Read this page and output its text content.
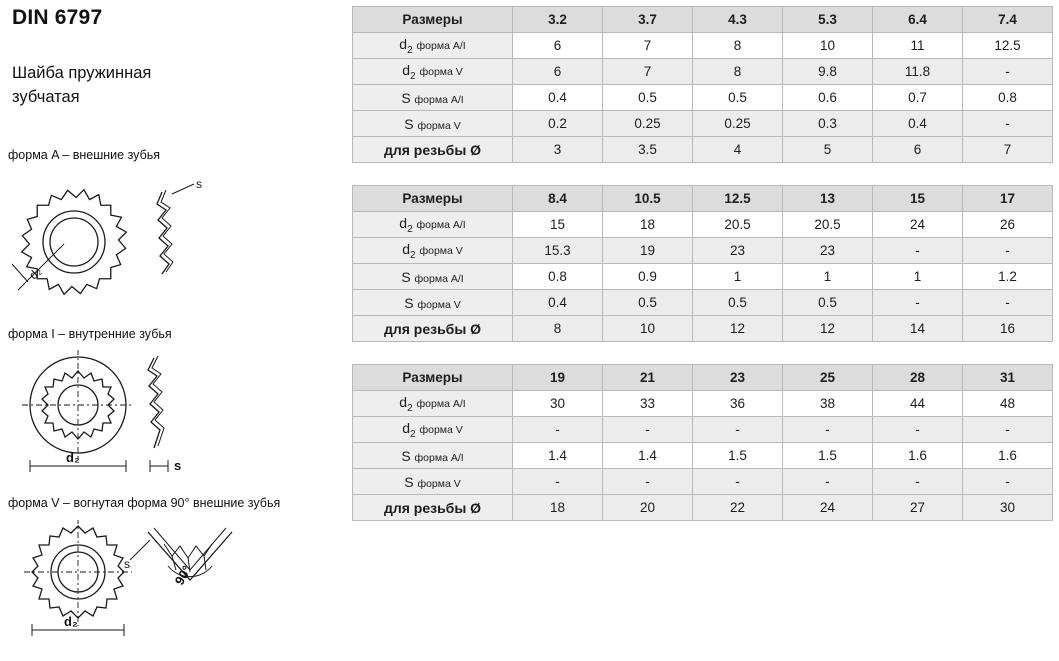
DIN 6797
Шайба пружинная
зубчатая
форма A – внешние зубья
d₂
s
форма I – внутренние зубья
d₂
s
форма V – вогнутая форма 90° внешние зубья
d₂
90°
s
Размеры	3.2	3.7	4.3	5.3	6.4	7.4
$d_2$ форма A/I	6	7	8	10	11	12.5
$d_2$ форма V	6	7	8	9.8	11.8	-
S форма A/I	0.4	0.5	0.5	0.6	0.7	0.8
S форма V	0.2	0.25	0.25	0.3	0.4	-
для резьбы Ø	3	3.5	4	5	6	7
Размеры	8.4	10.5	12.5	13	15	17
$d_2$ форма A/I	15	18	20.5	20.5	24	26
$d_2$ форма V	15.3	19	23	23	-	-
S форма A/I	0.8	0.9	1	1	1	1.2
S форма V	0.4	0.5	0.5	0.5	-	-
для резьбы Ø	8	10	12	12	14	16
Размеры	19	21	23	25	28	31
$d_2$ форма A/I	30	33	36	38	44	48
$d_2$ форма V	-	-	-	-	-	-
S форма A/I	1.4	1.4	1.5	1.5	1.6	1.6
S форма V	-	-	-	-	-	-
для резьбы Ø	18	20	22	24	27	30
